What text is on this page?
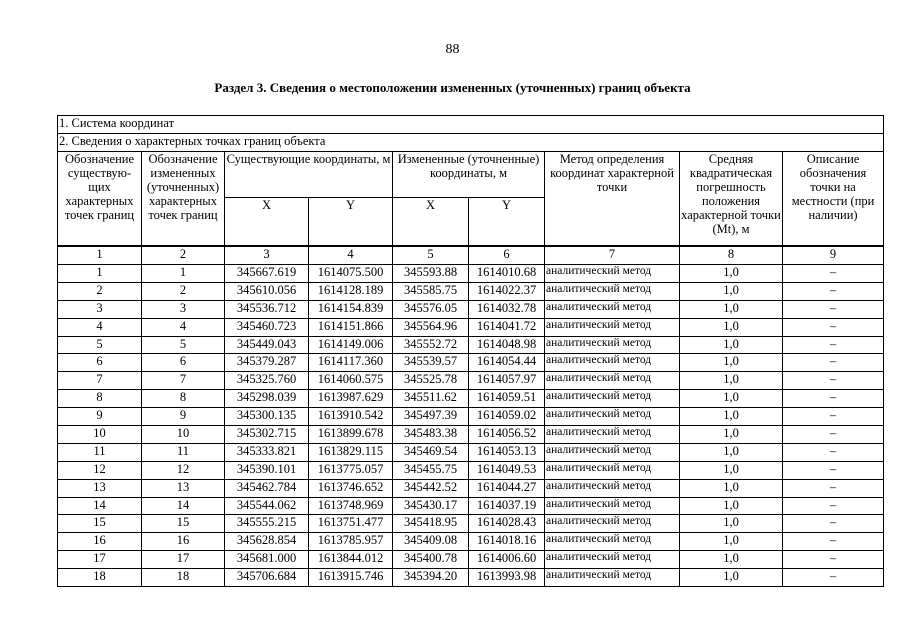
88
Раздел 3. Сведения о местоположении измененных (уточненных) границ объекта
1. Система координат								
2. Сведения о характерных точках границ объекта								
Обозначение существую-щих характерных точек границ	Обозначение измененных (уточненных) характерных точек границ	Существующие координаты, м		Измененные (уточненные) координаты, м		Метод определения координат характерной точки	Средняя квадратическая погрешность положения характерной точки (Mt), м	Описание обозначения точки на местности (при наличии)
		X	Y	X	Y			
1	2	3	4	5	6	7	8	9
1	1	345667.619	1614075.500	345593.88	1614010.68	аналитический метод	1,0	–
2	2	345610.056	1614128.189	345585.75	1614022.37	аналитический метод	1,0	–
3	3	345536.712	1614154.839	345576.05	1614032.78	аналитический метод	1,0	–
4	4	345460.723	1614151.866	345564.96	1614041.72	аналитический метод	1,0	–
5	5	345449.043	1614149.006	345552.72	1614048.98	аналитический метод	1,0	–
6	6	345379.287	1614117.360	345539.57	1614054.44	аналитический метод	1,0	–
7	7	345325.760	1614060.575	345525.78	1614057.97	аналитический метод	1,0	–
8	8	345298.039	1613987.629	345511.62	1614059.51	аналитический метод	1,0	–
9	9	345300.135	1613910.542	345497.39	1614059.02	аналитический метод	1,0	–
10	10	345302.715	1613899.678	345483.38	1614056.52	аналитический метод	1,0	–
11	11	345333.821	1613829.115	345469.54	1614053.13	аналитический метод	1,0	–
12	12	345390.101	1613775.057	345455.75	1614049.53	аналитический метод	1,0	–
13	13	345462.784	1613746.652	345442.52	1614044.27	аналитический метод	1,0	–
14	14	345544.062	1613748.969	345430.17	1614037.19	аналитический метод	1,0	–
15	15	345555.215	1613751.477	345418.95	1614028.43	аналитический метод	1,0	–
16	16	345628.854	1613785.957	345409.08	1614018.16	аналитический метод	1,0	–
17	17	345681.000	1613844.012	345400.78	1614006.60	аналитический метод	1,0	–
18	18	345706.684	1613915.746	345394.20	1613993.98	аналитический метод	1,0	–
